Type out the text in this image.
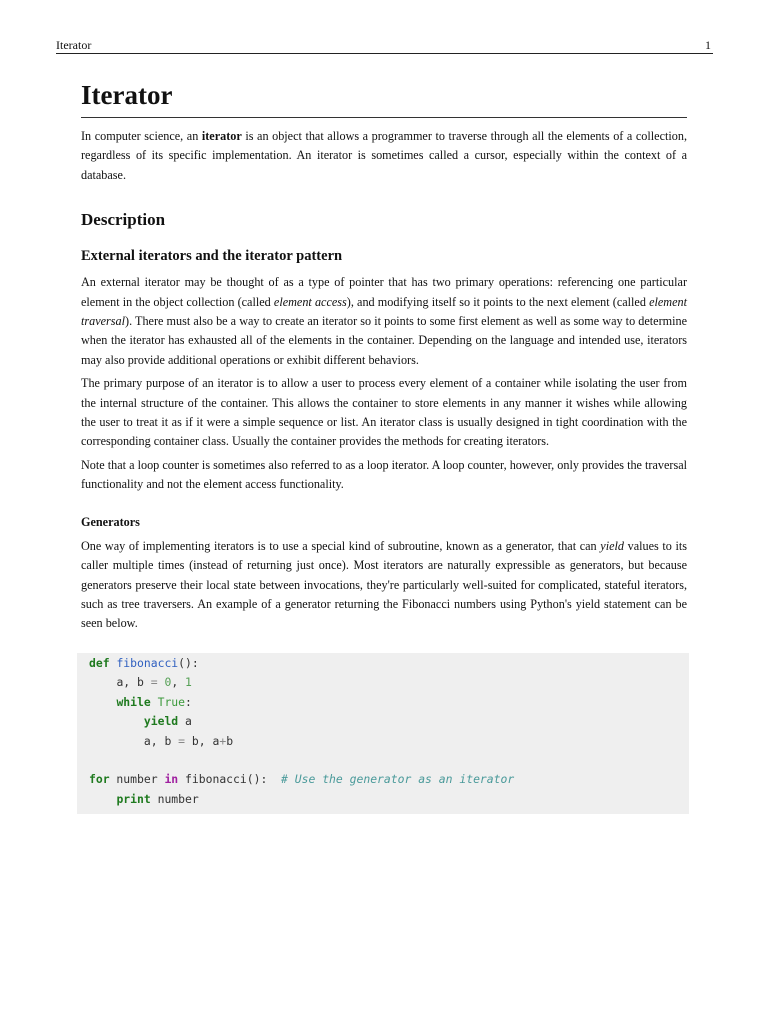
Iterator	1
Iterator

In computer science, an iterator is an object that allows a programmer to traverse through all the elements of a collection, regardless of its specific implementation. An iterator is sometimes called a cursor, especially within the context of a database.

Description
External iterators and the iterator pattern

An external iterator may be thought of as a type of pointer that has two primary operations: referencing one particular element in the object collection (called element access), and modifying itself so it points to the next element (called element traversal). There must also be a way to create an iterator so it points to some first element as well as some way to determine when the iterator has exhausted all of the elements in the container. Depending on the language and intended use, iterators may also provide additional operations or exhibit different behaviors.

The primary purpose of an iterator is to allow a user to process every element of a container while isolating the user from the internal structure of the container. This allows the container to store elements in any manner it wishes while allowing the user to treat it as if it were a simple sequence or list. An iterator class is usually designed in tight coordination with the corresponding container class. Usually the container provides the methods for creating iterators.

Note that a loop counter is sometimes also referred to as a loop iterator. A loop counter, however, only provides the traversal functionality and not the element access functionality.

Generators

One way of implementing iterators is to use a special kind of subroutine, known as a generator, that can yield values to its caller multiple times (instead of returning just once). Most iterators are naturally expressible as generators, but because generators preserve their local state between invocations, they're particularly well-suited for complicated, stateful iterators, such as tree traversers. An example of a generator returning the Fibonacci numbers using Python's yield statement can be seen below.

def fibonacci():
a, b = 0, 1
while True:
yield a
a, b = b, a+b

for number in fibonacci():  # Use the generator as an iterator
print number
